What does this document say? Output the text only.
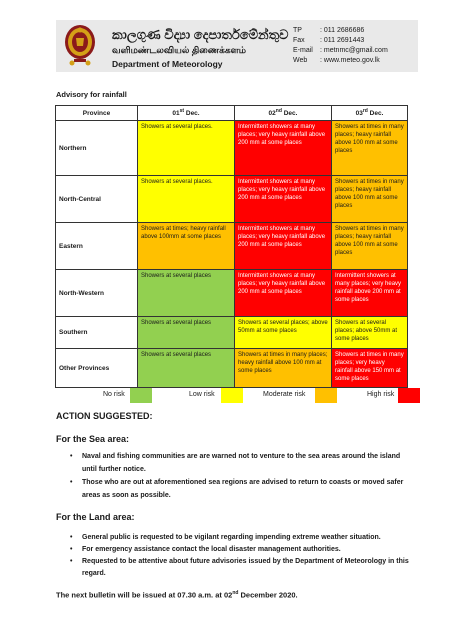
කාලගුණ විද්‍යා දෙපාර්තමේන්තුව
வளிமண்டலவியல் திணைக்களம்
Department of Meteorology
TP	: 011 2686686
Fax	: 011 2691443
E-mail	: metnmc@gmail.com
Web	: www.meteo.gov.lk
Advisory for rainfall
Province	01st Dec.	02nd Dec.	03rd Dec.
Northern	Showers at several places.	Intermittent showers at many places; very heavy rainfall above 200 mm at some places	Showers at times in many places; heavy rainfall above 100 mm at some places
North-Central	Showers at several places.	Intermittent showers at many places; very heavy rainfall above 200 mm at some places	Showers at times in many places; heavy rainfall above 100 mm at some places
Eastern	Showers at times; heavy rainfall above 100mm at some places	Intermittent showers at many places; very heavy rainfall above 200 mm at some places	Showers at times in many places; heavy rainfall above 100 mm at some places
North-Western	Showers at several places	Intermittent showers at many places; very heavy rainfall above 200 mm at some places	Intermittent showers at many places; very heavy rainfall above 200 mm at some places
Southern	Showers at several places	Showers at several places; above 50mm at some places	Showers at several places; above 50mm at some places
Other Provinces	Showers at several places	Showers at times in many places; heavy rainfall above 100 mm at some places	Showers at times in many places; very heavy rainfall above 150 mm at some places
No risk	Low risk	Moderate risk	High risk
ACTION SUGGESTED:
For the Sea area:
• Naval and fishing communities are are warned not to venture to the sea areas around the island until further notice.
• Those who are out at aforementioned sea regions are advised to return to coasts or moved safer areas as soon as possible.
For the Land area:
• General public is requested to be vigilant regarding impending extreme weather situation.
• For emergency assistance contact the local disaster management authorities.
• Requested to be attentive about future advisories issued by the Department of Meteorology in this regard.
The next bulletin will be issued at 07.30 a.m. at 02nd December 2020.
